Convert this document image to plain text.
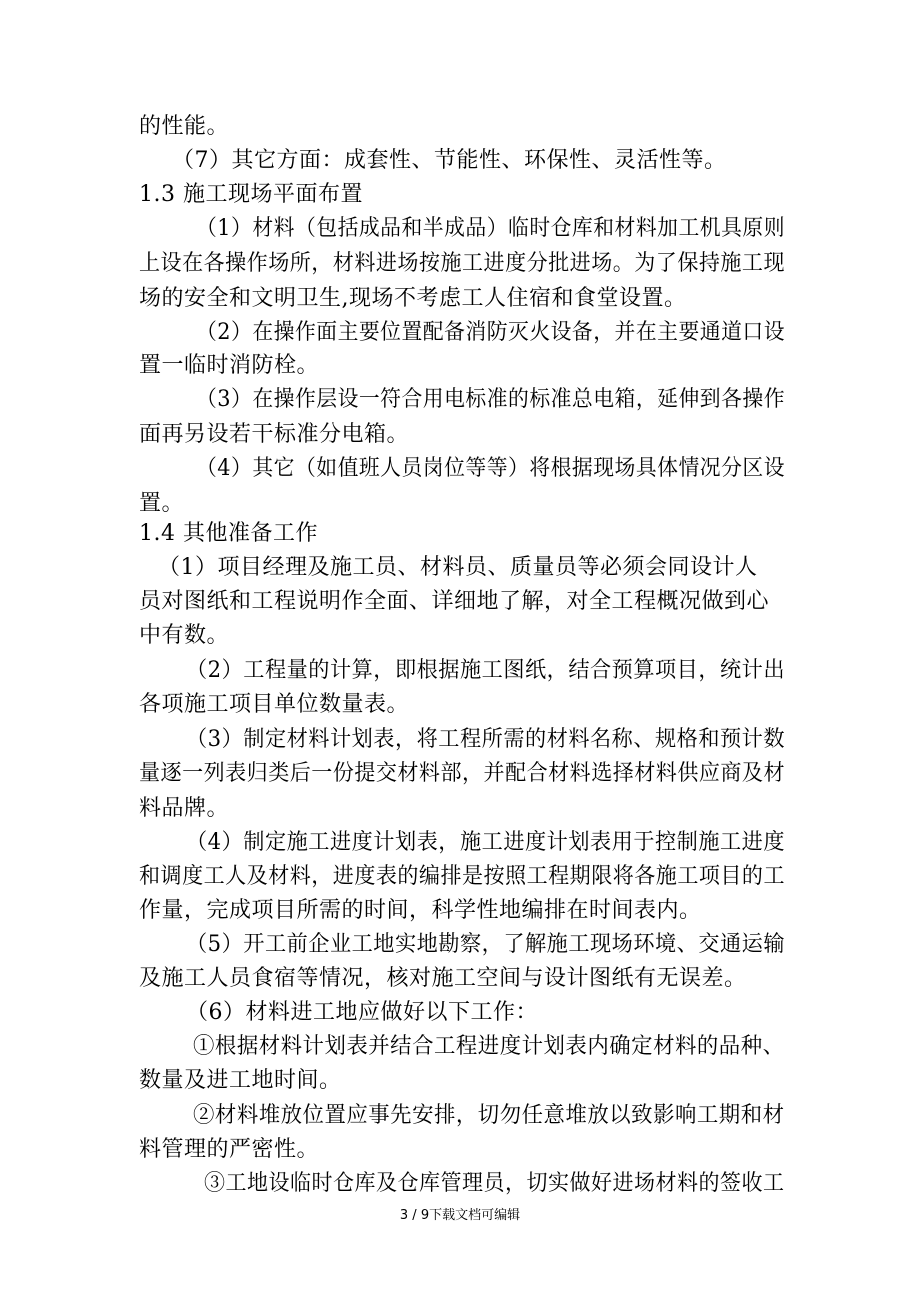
的性能。
（7）其它方面：成套性、节能性、环保性、灵活性等。
1.3 施工现场平面布置
（1）材料（包括成品和半成品）临时仓库和材料加工机具原则
上设在各操作场所，材料进场按施工进度分批进场。为了保持施工现
场的安全和文明卫生,现场不考虑工人住宿和食堂设置。
（2）在操作面主要位置配备消防灭火设备，并在主要通道口设
置一临时消防栓。
（3）在操作层设一符合用电标准的标准总电箱，延伸到各操作
面再另设若干标准分电箱。
（4）其它（如值班人员岗位等等）将根据现场具体情况分区设
置。
1.4 其他准备工作
（1）项目经理及施工员、材料员、质量员等必须会同设计人
员对图纸和工程说明作全面、详细地了解，对全工程概况做到心
中有数。
（2）工程量的计算，即根据施工图纸，结合预算项目，统计出
各项施工项目单位数量表。
（3）制定材料计划表，将工程所需的材料名称、规格和预计数
量逐一列表归类后一份提交材料部，并配合材料选择材料供应商及材
料品牌。
（4）制定施工进度计划表，施工进度计划表用于控制施工进度
和调度工人及材料，进度表的编排是按照工程期限将各施工项目的工
作量，完成项目所需的时间，科学性地编排在时间表内。
（5）开工前企业工地实地勘察，了解施工现场环境、交通运输
及施工人员食宿等情况，核对施工空间与设计图纸有无误差。
（6）材料进工地应做好以下工作：
①根据材料计划表并结合工程进度计划表内确定材料的品种、
数量及进工地时间。
②材料堆放位置应事先安排，切勿任意堆放以致影响工期和材
料管理的严密性。
③工地设临时仓库及仓库管理员，切实做好进场材料的签收工
3 / 9下载文档可编辑
